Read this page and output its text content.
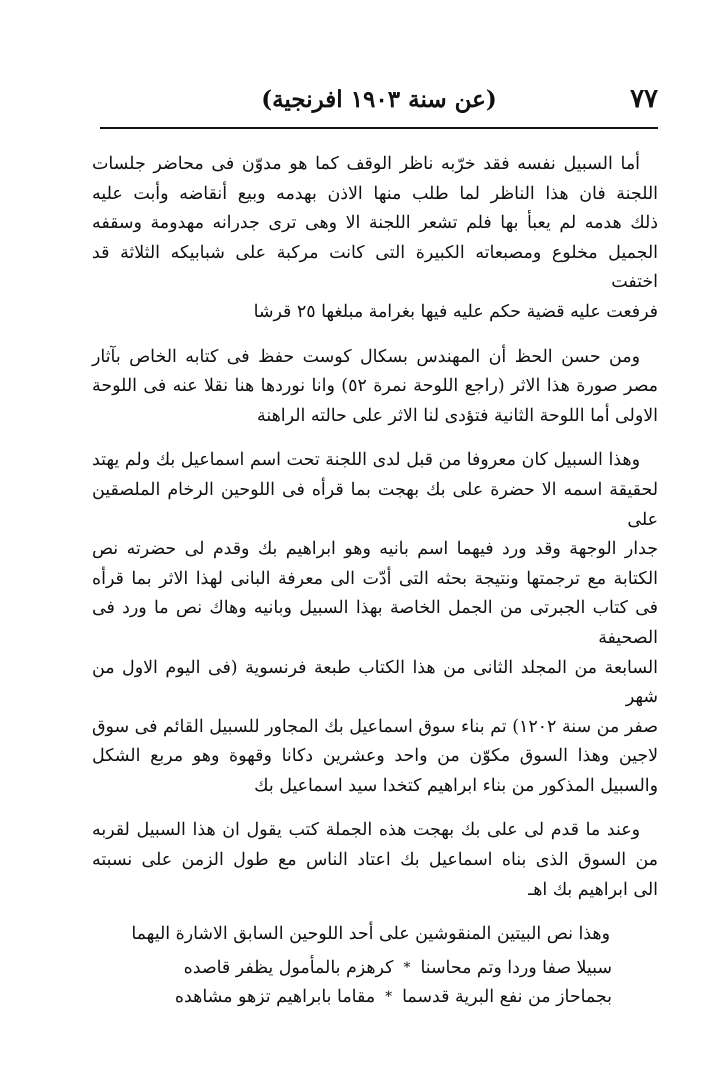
٧٧
(عن سنة ١٩٠٣ افرنجية)

أما السبيل نفسه فقد خرّبه ناظر الوقف كما هو مدوّن فى محاضر جلسات
اللجنة فان هذا الناظر لما طلب منها الاذن بهدمه وبيع أنقاضه وأبت عليه
ذلك هدمه لم يعبأ بها فلم تشعر اللجنة الا وهى ترى جدرانه مهدومة وسقفه
الجميل مخلوع ومصبعاته الكبيرة التى كانت مركبة على شبابيكه الثلاثة قد اختفت
فرفعت عليه قضية حكم عليه فيها بغرامة مبلغها ٢٥ قرشا

ومن حسن الحظ أن المهندس بسكال كوست حفظ فى كتابه الخاص بآثار
مصر صورة هذا الاثر (راجع اللوحة نمرة ٥٢) وانا نوردها هنا نقلا عنه فى اللوحة
الاولى أما اللوحة الثانية فتؤدى لنا الاثر على حالته الراهنة

وهذا السبيل كان معروفا من قبل لدى اللجنة تحت اسم اسماعيل بك ولم يهتد
لحقيقة اسمه الا حضرة على بك بهجت بما قرأه فى اللوحين الرخام الملصقين على
جدار الوجهة وقد ورد فيهما اسم بانيه وهو ابراهيم بك وقدم لى حضرته نص
الكتابة مع ترجمتها ونتيجة بحثه التى أدّت الى معرفة البانى لهذا الاثر بما قرأه
فى كتاب الجبرتى من الجمل الخاصة بهذا السبيل وبانيه وهاك نص ما ورد فى الصحيفة
السابعة من المجلد الثانى من هذا الكتاب طبعة فرنسوية (فى اليوم الاول من شهر
صفر من سنة ١٢٠٢) تم بناء سوق اسماعيل بك المجاور للسبيل القائم فى سوق
لاجين وهذا السوق مكوّن من واحد وعشرين دكانا وقهوة وهو مربع الشكل
والسبيل المذكور من بناء ابراهيم كتخدا سيد اسماعيل بك

وعند ما قدم لى على بك بهجت هذه الجملة كتب يقول ان هذا السبيل لقربه
من السوق الذى بناه اسماعيل بك اعتاد الناس مع طول الزمن على نسبته
الى ابراهيم بك اهـ

وهذا نص البيتين المنقوشين على أحد اللوحين السابق الاشارة اليهما
سبيلا صفا وردا وتم محاسنا
*
كرهزم بالمأمول يظفر قاصده
بجماحاز من نفع البرية قدسما
*
مقاما بابراهيم تزهو مشاهده
